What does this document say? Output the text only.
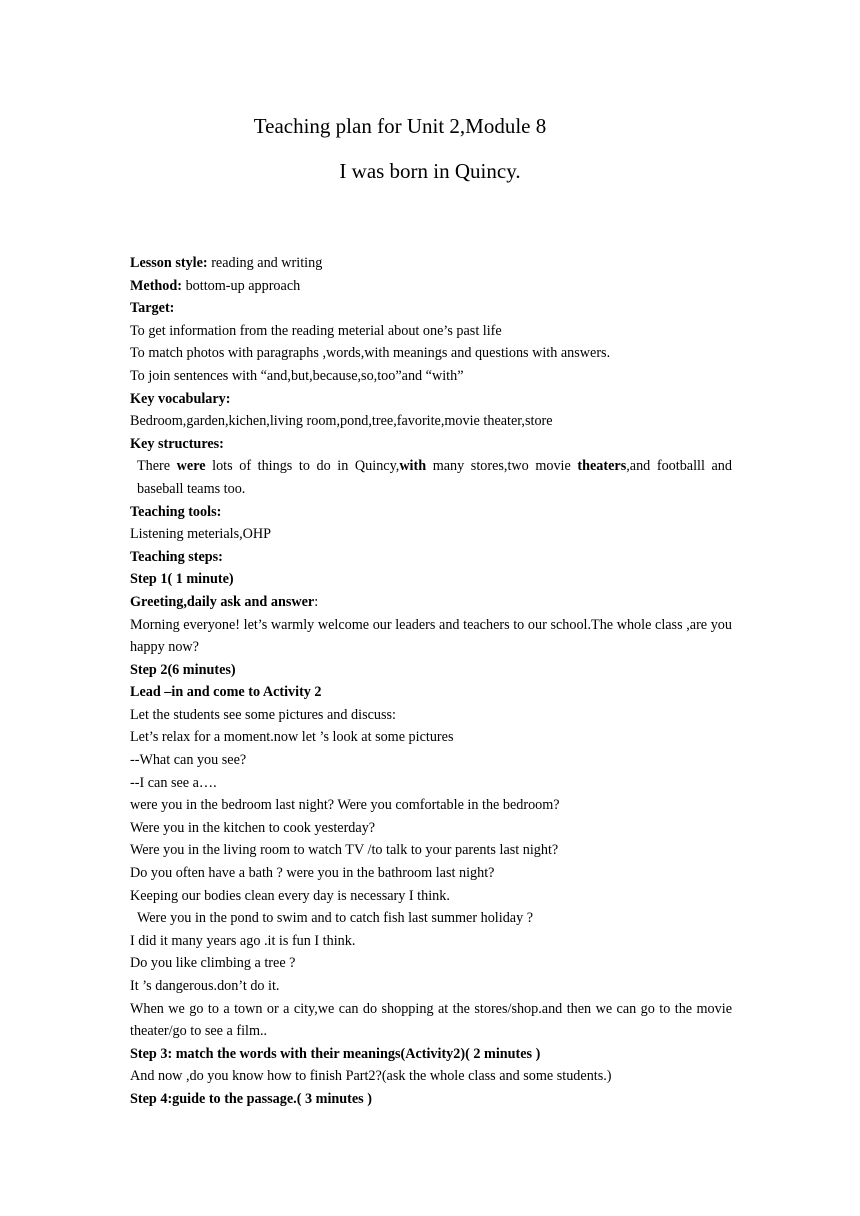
Teaching plan for Unit 2,Module 8
I was born in Quincy.
Lesson style: reading and writing
Method: bottom-up approach
Target:
To get information from the reading meterial about one’s past life
To match photos with paragraphs ,words,with meanings and questions with answers.
To join sentences with “and,but,because,so,too”and “with”
Key vocabulary:
Bedroom,garden,kichen,living room,pond,tree,favorite,movie theater,store
Key structures:
There were lots of things to do in Quincy,with many stores,two movie theaters,and footballl and baseball teams too.
Teaching tools:
Listening meterials,OHP
Teaching steps:
Step 1( 1 minute)
Greeting,daily ask and answer:
Morning everyone! let’s warmly welcome our leaders and teachers to our school.The whole class ,are you happy now?
Step 2(6 minutes)
Lead –in and come to Activity 2
Let the students see some pictures and discuss:
Let’s relax for a moment.now let ’s look at some pictures
--What can you see?
--I can see a….
were you in the bedroom last night? Were you comfortable in the bedroom?
Were you in the kitchen to cook yesterday?
Were you in the living room to watch TV /to talk to your parents last night?
Do you often have a bath ? were you in the bathroom last night?
Keeping our bodies clean every day is necessary I think.
Were you in the pond to swim and to catch fish last summer holiday ?
I did it many years ago .it is fun I think.
Do you like climbing a tree ?
It ’s dangerous.don’t do it.
When we go to a town or a city,we can do shopping at the stores/shop.and then we can go to the movie theater/go to see a film..
Step 3: match the words with their meanings(Activity2)( 2 minutes )
And now ,do you know how to finish Part2?(ask the whole class and some students.)
Step 4:guide to the passage.( 3 minutes )
